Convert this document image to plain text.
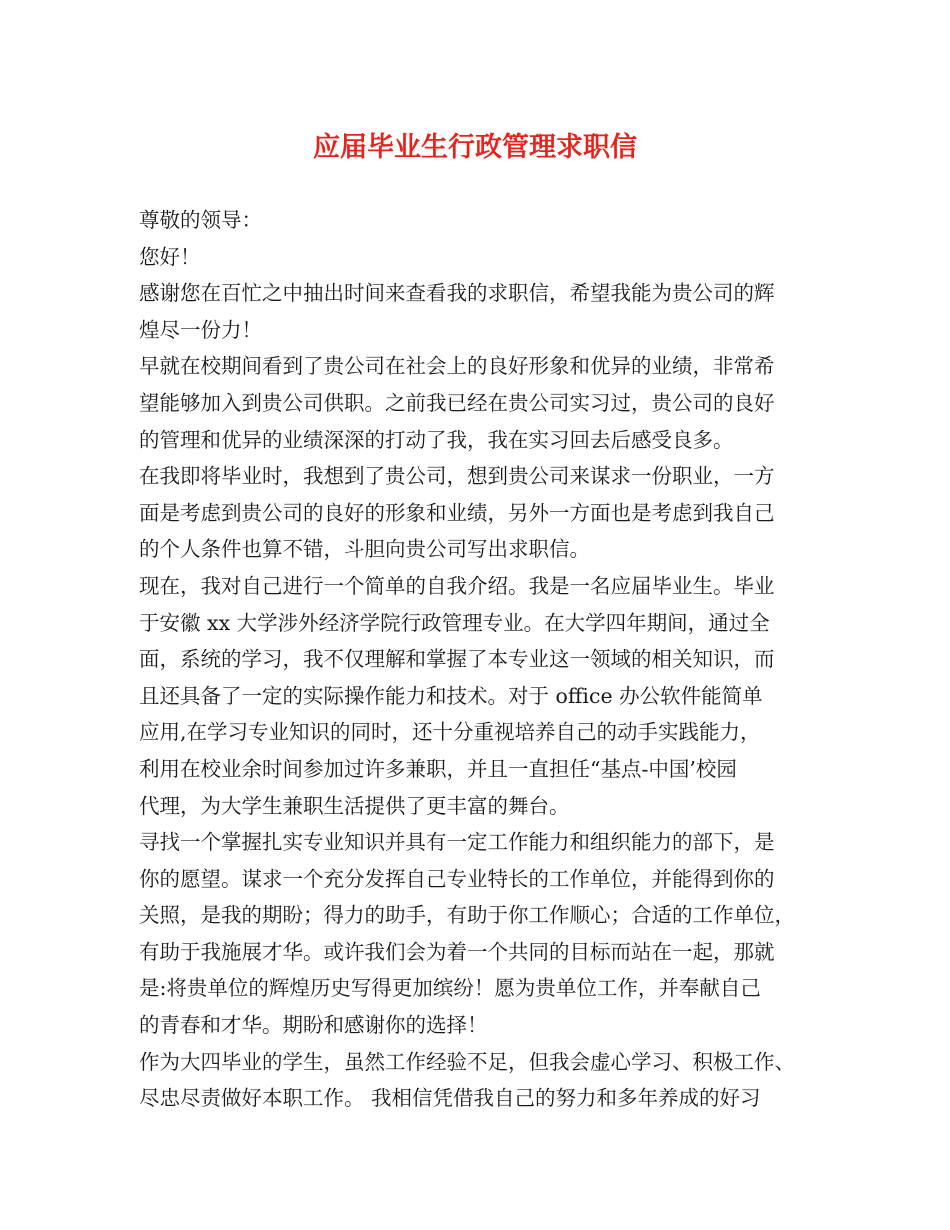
应届毕业生行政管理求职信
尊敬的领导：
您好！
感谢您在百忙之中抽出时间来查看我的求职信，希望我能为贵公司的辉
煌尽一份力！
早就在校期间看到了贵公司在社会上的良好形象和优异的业绩，非常希
望能够加入到贵公司供职。之前我已经在贵公司实习过，贵公司的良好
的管理和优异的业绩深深的打动了我，我在实习回去后感受良多。
在我即将毕业时，我想到了贵公司，想到贵公司来谋求一份职业，一方
面是考虑到贵公司的良好的形象和业绩，另外一方面也是考虑到我自己
的个人条件也算不错，斗胆向贵公司写出求职信。
现在，我对自己进行一个简单的自我介绍。我是一名应届毕业生。毕业
于安徽 xx 大学涉外经济学院行政管理专业。在大学四年期间，通过全
面，系统的学习，我不仅理解和掌握了本专业这一领域的相关知识，而
且还具备了一定的实际操作能力和技术。对于 office 办公软件能简单
应用,在学习专业知识的同时，还十分重视培养自己的动手实践能力，
利用在校业余时间参加过许多兼职，并且一直担任“基点-中国’校园
代理，为大学生兼职生活提供了更丰富的舞台。
寻找一个掌握扎实专业知识并具有一定工作能力和组织能力的部下，是
你的愿望。谋求一个充分发挥自己专业特长的工作单位，并能得到你的
关照，是我的期盼；得力的助手，有助于你工作顺心；合适的工作单位，
有助于我施展才华。或许我们会为着一个共同的目标而站在一起，那就
是:将贵单位的辉煌历史写得更加缤纷！愿为贵单位工作，并奉献自己
的青春和才华。期盼和感谢你的选择！
作为大四毕业的学生，虽然工作经验不足，但我会虚心学习、积极工作、
尽忠尽责做好本职工作。 我相信凭借我自己的努力和多年养成的好习
